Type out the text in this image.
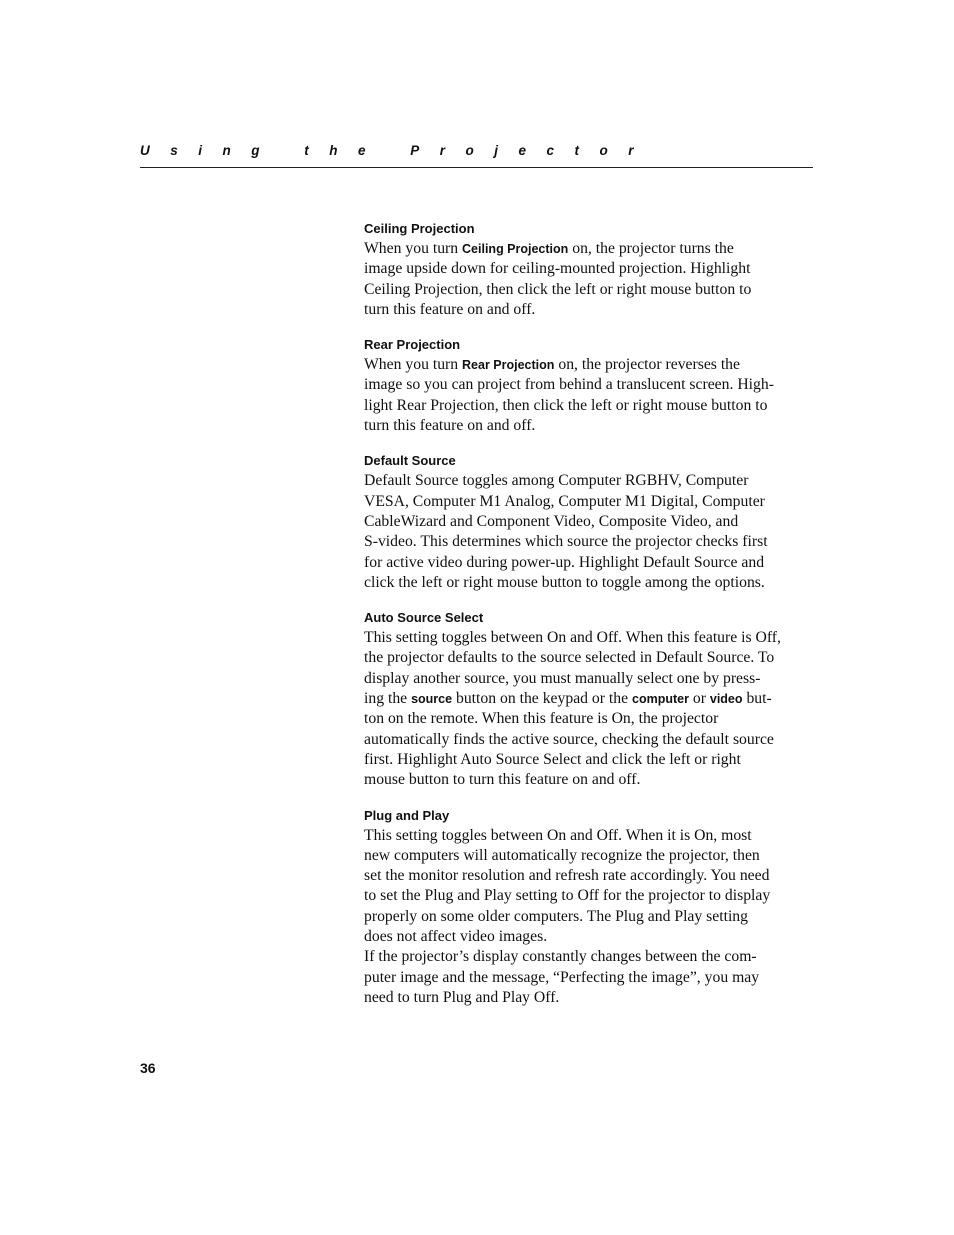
Using the Projector
Ceiling Projection

When you turn Ceiling Projection on, the projector turns the
image upside down for ceiling-mounted projection. Highlight
Ceiling Projection, then click the left or right mouse button to
turn this feature on and off.

Rear Projection

When you turn Rear Projection on, the projector reverses the
image so you can project from behind a translucent screen. High-
light Rear Projection, then click the left or right mouse button to
turn this feature on and off.

Default Source

Default Source toggles among Computer RGBHV, Computer
VESA, Computer M1 Analog, Computer M1 Digital, Computer
CableWizard and Component Video, Composite Video, and
S-video. This determines which source the projector checks first
for active video during power-up. Highlight Default Source and
click the left or right mouse button to toggle among the options.

Auto Source Select

This setting toggles between On and Off. When this feature is Off,
the projector defaults to the source selected in Default Source. To
display another source, you must manually select one by press-
ing the source button on the keypad or the computer or video but-
ton on the remote. When this feature is On, the projector
automatically finds the active source, checking the default source
first. Highlight Auto Source Select and click the left or right
mouse button to turn this feature on and off.

Plug and Play

This setting toggles between On and Off. When it is On, most
new computers will automatically recognize the projector, then
set the monitor resolution and refresh rate accordingly. You need
to set the Plug and Play setting to Off for the projector to display
properly on some older computers. The Plug and Play setting
does not affect video images.

If the projector’s display constantly changes between the com-
puter image and the message, “Perfecting the image”, you may
need to turn Plug and Play Off.

36
